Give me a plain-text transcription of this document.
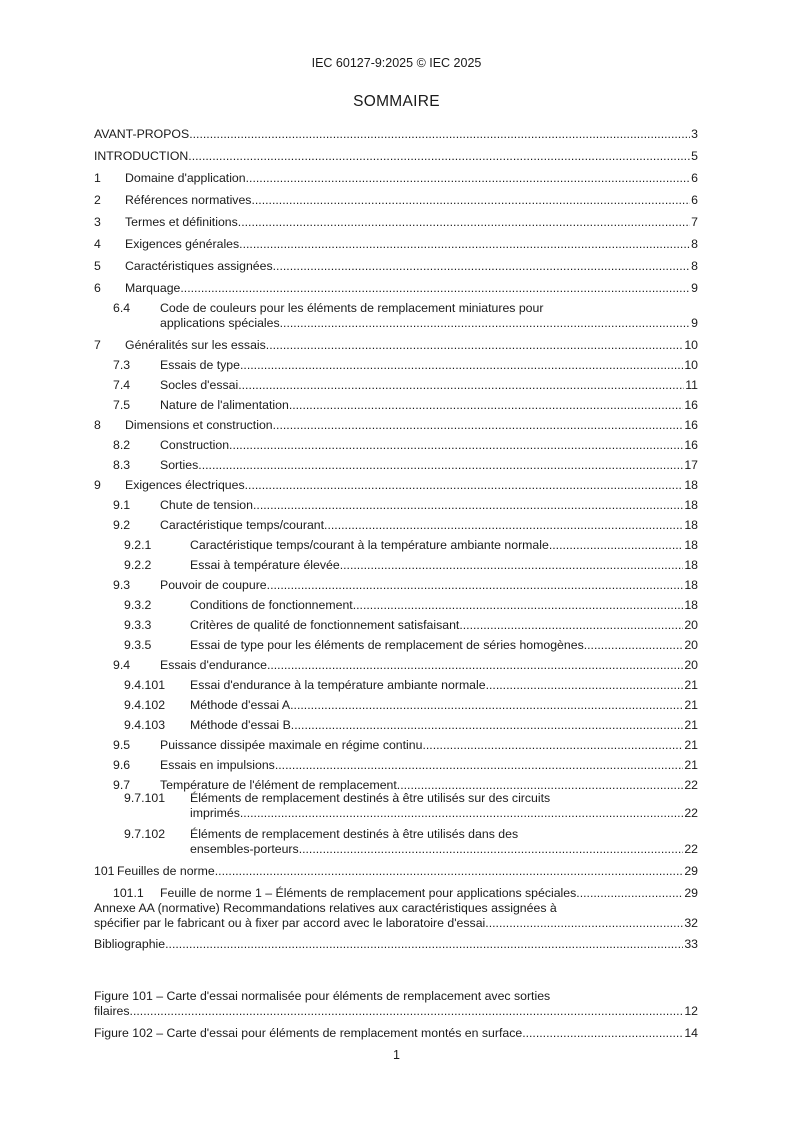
IEC 60127-9:2025 © IEC 2025
SOMMAIRE
AVANT-PROPOS .....	3
INTRODUCTION .....	5
1 Domaine d'application .....	6
2 Références normatives .....	6
3 Termes et définitions .....	7
4 Exigences générales .....	8
5 Caractéristiques assignées .....	8
6 Marquage .....	9
6.4 Code de couleurs pour les éléments de remplacement miniatures pour
applications spéciales .....	9
7 Généralités sur les essais .....	10
7.3 Essais de type .....	10
7.4 Socles d'essai .....	11
7.5 Nature de l'alimentation .....	16
8 Dimensions et construction .....	16
8.2 Construction .....	16
8.3 Sorties .....	17
9 Exigences électriques .....	18
9.1 Chute de tension .....	18
9.2 Caractéristique temps/courant .....	18
9.2.1	Caractéristique temps/courant à la température ambiante normale .....	18
9.2.2	Essai à température élevée .....	18
9.3 Pouvoir de coupure .....	18
9.3.2	Conditions de fonctionnement .....	18
9.3.3	Critères de qualité de fonctionnement satisfaisant .....	20
9.3.5	Essai de type pour les éléments de remplacement de séries homogènes .....	20
9.4 Essais d'endurance .....	20
9.4.101 Essai d'endurance à la température ambiante normale .....	21
9.4.102 Méthode d'essai A .....	21
9.4.103 Méthode d'essai B .....	21
9.5 Puissance dissipée maximale en régime continu .....	21
9.6 Essais en impulsions .....	21
9.7 Température de l'élément de remplacement .....	22
9.7.101 Éléments de remplacement destinés à être utilisés sur des circuits
imprimés .....	22
9.7.102 Éléments de remplacement destinés à être utilisés dans des
ensembles-porteurs .....	22
101 Feuilles de norme .....	29
101.1 Feuille de norme 1 – Éléments de remplacement pour applications spéciales .....	29
Annexe AA (normative) Recommandations relatives aux caractéristiques assignées à
spécifier par le fabricant ou à fixer par accord avec le laboratoire d'essai .....	32
Bibliographie .....	33
Figure 101 – Carte d'essai normalisée pour éléments de remplacement avec sorties
filaires .....	12
Figure 102 – Carte d'essai pour éléments de remplacement montés en surface .....	14
1
